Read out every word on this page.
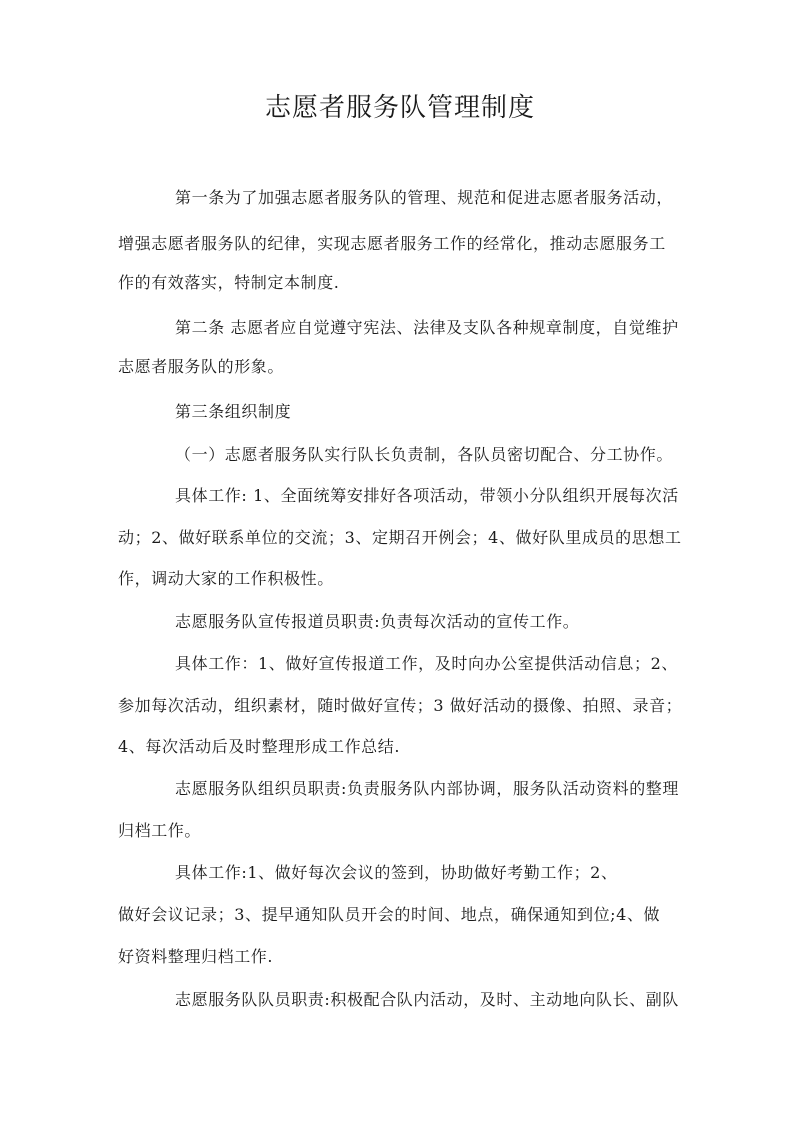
志愿者服务队管理制度
第一条为了加强志愿者服务队的管理、规范和促进志愿者服务活动，
增强志愿者服务队的纪律，实现志愿者服务工作的经常化，推动志愿服务工
作的有效落实，特制定本制度.
第二条 志愿者应自觉遵守宪法、法律及支队各种规章制度，自觉维护
志愿者服务队的形象。
第三条组织制度
（一）志愿者服务队实行队长负责制，各队员密切配合、分工协作。
具体工作: 1、全面统筹安排好各项活动，带领小分队组织开展每次活
动；2、做好联系单位的交流；3、定期召开例会；4、做好队里成员的思想工
作，调动大家的工作积极性。
志愿服务队宣传报道员职责:负责每次活动的宣传工作。
具体工作：1、做好宣传报道工作，及时向办公室提供活动信息；2、
参加每次活动，组织素材，随时做好宣传；3 做好活动的摄像、拍照、录音；
4、每次活动后及时整理形成工作总结.
志愿服务队组织员职责:负责服务队内部协调，服务队活动资料的整理
归档工作。
具体工作:1、做好每次会议的签到，协助做好考勤工作；2、
做好会议记录；3、提早通知队员开会的时间、地点，确保通知到位;4、做
好资料整理归档工作.
志愿服务队队员职责:积极配合队内活动，及时、主动地向队长、副队
